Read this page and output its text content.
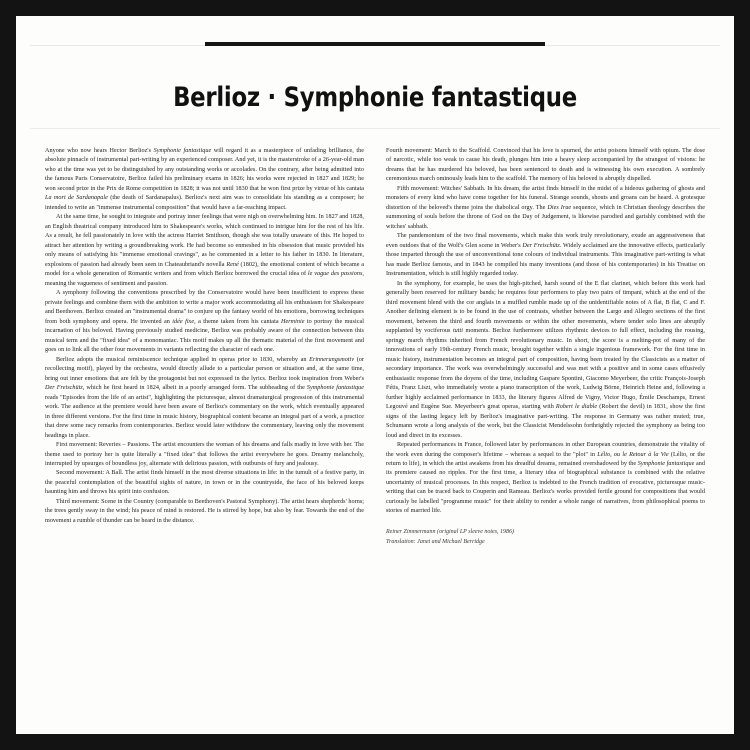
Berlioz · Symphonie fantastique

Anyone who now hears Hector Berlioz's Symphonie fantastique will regard it as a masterpiece of unfading brilliance, the absolute pinnacle of instrumental part-writing by an experienced composer. And yet, it is the masterstroke of a 26-year-old man who at the time was yet to be distinguished by any outstanding works or accolades. On the contrary, after being admitted into the famous Paris Conservatoire, Berlioz failed his preliminary exams in 1826; his works were rejected in 1827 and 1829; he won second prize in the Prix de Rome competition in 1828; it was not until 1830 that he won first prize by virtue of his cantata La mort de Sardanapale (the death of Sardanapalus). Berlioz's next aim was to consolidate his standing as a composer; he intended to write an "immense instrumental composition" that would have a far-reaching impact.

At the same time, he sought to integrate and portray inner feelings that were nigh on overwhelming him. In 1827 and 1828, an English theatrical company introduced him to Shakespeare's works, which continued to intrigue him for the rest of his life. As a result, he fell passionately in love with the actress Harriet Smithson, though she was totally unaware of this. He hoped to attract her attention by writing a groundbreaking work. He had become so enmeshed in his obsession that music provided his only means of satisfying his "immense emotional cravings", as he commented in a letter to his father in 1830. In literature, explosions of passion had already been seen in Chateaubriand's novella René (1802), the emotional content of which became a model for a whole generation of Romantic writers and from which Berlioz borrowed the crucial idea of le vague des passions, meaning the vagueness of sentiment and passion.

A symphony following the conventions prescribed by the Conservatoire would have been insufficient to express these private feelings and combine them with the ambition to write a major work accommodating all his enthusiasm for Shakespeare and Beethoven. Berlioz created an "instrumental drama" to conjure up the fantasy world of his emotions, borrowing techniques from both symphony and opera. He invented an idée fixe, a theme taken from his cantata Herminie to portray the musical incarnation of his beloved. Having previously studied medicine, Berlioz was probably aware of the connection between this musical term and the "fixed idea" of a monomaniac. This motif makes up all the thematic material of the first movement and goes on to link all the other four movements in variants reflecting the character of each one.

Berlioz adopts the musical reminiscence technique applied in operas prior to 1830, whereby an Erinnerungsmotiv (or recollecting motif), played by the orchestra, would directly allude to a particular person or situation and, at the same time, bring out inner emotions that are felt by the protagonist but not expressed in the lyrics. Berlioz took inspiration from Weber's Der Freischütz, which he first heard in 1824, albeit in a poorly arranged form. The subheading of the Symphonie fantastique reads "Episodes from the life of an artist", highlighting the picturesque, almost dramaturgical progression of this instrumental work. The audience at the premiere would have been aware of Berlioz's commentary on the work, which eventually appeared in three different versions. For the first time in music history, biographical content became an integral part of a work, a practice that drew some racy remarks from contemporaries. Berlioz would later withdraw the commentary, leaving only the movement headings in place.

First movement: Reveries – Passions. The artist encounters the woman of his dreams and falls madly in love with her. The theme used to portray her is quite literally a "fixed idea" that follows the artist everywhere he goes. Dreamy melancholy, interrupted by upsurges of boundless joy, alternate with delirious passion, with outbursts of fury and jealousy.

Second movement: A Ball. The artist finds himself in the most diverse situations in life: in the tumult of a festive party, in the peaceful contemplation of the beautiful sights of nature, in town or in the countryside, the face of his beloved keeps haunting him and throws his spirit into confusion.

Third movement: Scene in the Country (comparable to Beethoven's Pastoral Symphony). The artist hears shepherds' horns; the trees gently sway in the wind; his peace of mind is restored. He is stirred by hope, but also by fear. Towards the end of the movement a rumble of thunder can be heard in the distance.

Fourth movement: March to the Scaffold. Convinced that his love is spurned, the artist poisons himself with opium. The dose of narcotic, while too weak to cause his death, plunges him into a heavy sleep accompanied by the strangest of visions: he dreams that he has murdered his beloved, has been sentenced to death and is witnessing his own execution. A sombrely ceremonious march ominously leads him to the scaffold. The memory of his beloved is abruptly dispelled.

Fifth movement: Witches' Sabbath. In his dream, the artist finds himself in the midst of a hideous gathering of ghosts and monsters of every kind who have come together for his funeral. Strange sounds, shouts and groans can be heard. A grotesque distortion of the beloved's theme joins the diabolical orgy. The Dies Irae sequence, which in Christian theology describes the summoning of souls before the throne of God on the Day of Judgement, is likewise parodied and garishly combined with the witches' sabbath.

The pandemonium of the two final movements, which make this work truly revolutionary, exude an aggressiveness that even outdoes that of the Wolf's Glen scene in Weber's Der Freischütz. Widely acclaimed are the innovative effects, particularly those imparted through the use of unconventional tone colours of individual instruments. This imaginative part-writing is what has made Berlioz famous, and in 1843 he compiled his many inventions (and those of his contemporaries) in his Treatise on Instrumentation, which is still highly regarded today.

In the symphony, for example, he uses the high-pitched, harsh sound of the E flat clarinet, which before this work had generally been reserved for military bands; he requires four performers to play two pairs of timpani, which at the end of the third movement blend with the cor anglais in a muffled rumble made up of the unidentifiable notes of A flat, B flat, C and F. Another defining element is to be found in the use of contrasts, whether between the Largo and Allegro sections of the first movement, between the third and fourth movements or within the other movements, where tender solo lines are abruptly supplanted by vociferous tutti moments. Berlioz furthermore utilizes rhythmic devices to full effect, including the rousing, springy march rhythms inherited from French revolutionary music. In short, the score is a melting-pot of many of the innovations of early 19th-century French music, brought together within a single ingenious framework. For the first time in music history, instrumentation becomes an integral part of composition, having been treated by the Classicists as a matter of secondary importance. The work was overwhelmingly successful and was met with a positive and in some cases effusively enthusiastic response from the doyens of the time, including Gaspare Spontini, Giacomo Meyerbeer, the critic François-Joseph Fétis, Franz Liszt, who immediately wrote a piano transcription of the work, Ludwig Börne, Heinrich Heine and, following a further highly acclaimed performance in 1833, the literary figures Alfred de Vigny, Victor Hugo, Émile Deschamps, Ernest Legouvé and Eugène Sue. Meyerbeer's great operas, starting with Robert le diable (Robert the devil) in 1831, show the first signs of the lasting legacy left by Berlioz's imaginative part-writing. The response in Germany was rather muted; true, Schumann wrote a long analysis of the work, but the Classicist Mendelssohn forthrightly rejected the symphony as being too loud and direct in its excesses.

Repeated performances in France, followed later by performances in other European countries, demonstrate the vitality of the work even during the composer's lifetime – whereas a sequel to the "plot" in Lélio, ou le Retour à la Vie (Lélio, or the return to life), in which the artist awakens from his dreadful dreams, remained overshadowed by the Symphonie fantastique and its premiere caused no ripples. For the first time, a literary idea of biographical substance is combined with the relative uncertainty of musical processes. In this respect, Berlioz is indebted to the French tradition of evocative, picturesque music-writing that can be traced back to Couperin and Rameau. Berlioz's works provided fertile ground for compositions that would curiously be labelled "programme music" for their ability to render a whole range of narratives, from philosophical poems to stories of married life.

Reiner Zimmermann (original LP sleeve notes, 1986)
Translation: Janet and Michael Berridge
